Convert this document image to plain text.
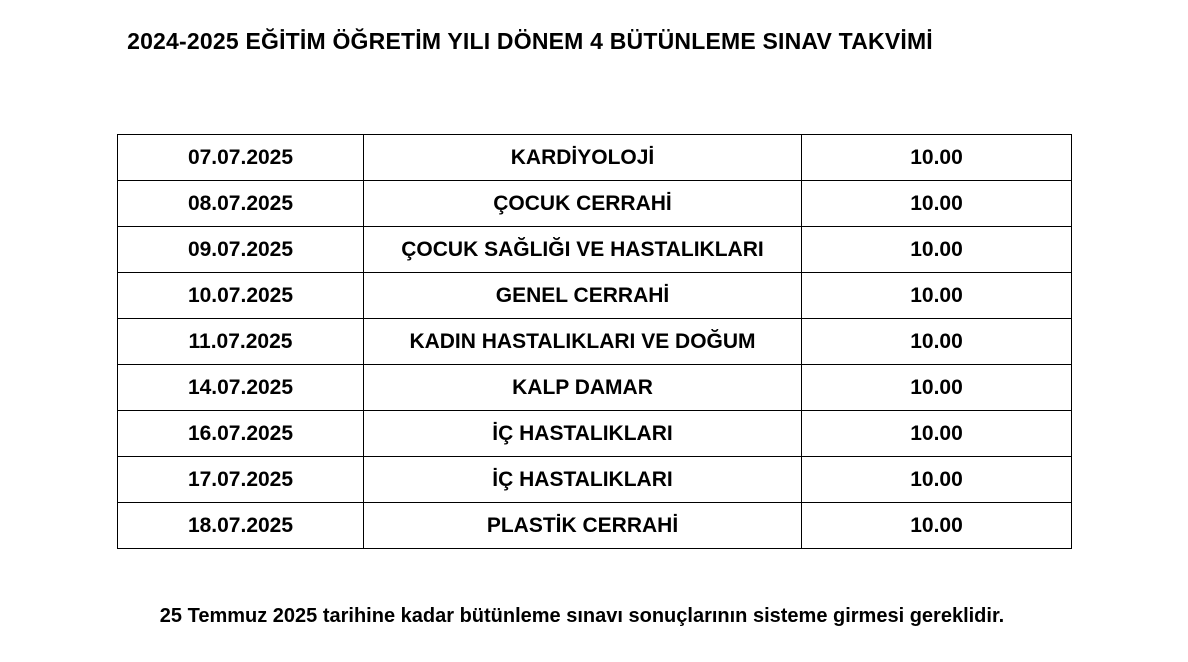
2024-2025 EĞİTİM ÖĞRETİM YILI DÖNEM 4 BÜTÜNLEME SINAV TAKVİMİ
07.07.2025	KARDİYOLOJİ	10.00
08.07.2025	ÇOCUK CERRAHİ	10.00
09.07.2025	ÇOCUK SAĞLIĞI VE HASTALIKLARI	10.00
10.07.2025	GENEL CERRAHİ	10.00
11.07.2025	KADIN HASTALIKLARI VE DOĞUM	10.00
14.07.2025	KALP DAMAR	10.00
16.07.2025	İÇ HASTALIKLARI	10.00
17.07.2025	İÇ HASTALIKLARI	10.00
18.07.2025	PLASTİK CERRAHİ	10.00
25 Temmuz 2025 tarihine kadar bütünleme sınavı sonuçlarının sisteme girmesi gereklidir.
